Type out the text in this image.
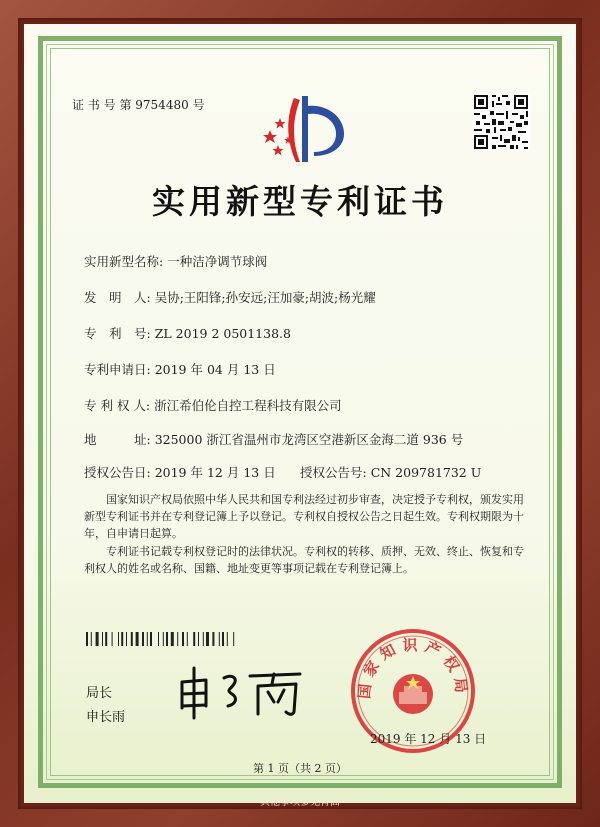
证 书 号 第 9754480 号
实用新型专利证书
实用新型名称: 一种洁净调节球阀
发　明　人: 吴协;王阳锋;孙安远;汪加豪;胡波;杨光耀
专　利　号: ZL 2019 2 0501138.8
专利申请日: 2019 年 04 月 13 日
专 利 权 人: 浙江希伯伦自控工程科技有限公司
地　　　址: 325000 浙江省温州市龙湾区空港新区金海二道 936 号
授权公告日: 2019 年 12 月 13 日 授权公告号: CN 209781732 U
国家知识产权局依照中华人民共和国专利法经过初步审查，决定授予专利权，颁发实用新型专利证书并在专利登记簿上予以登记。专利权自授权公告之日起生效。专利权期限为十年，自申请日起算。
专利证书记载专利权登记时的法律状况。专利权的转移、质押、无效、终止、恢复和专利权人的姓名或名称、国籍、地址变更等事项记载在专利登记簿上。
局长
申长雨
国家知识产权局
2019 年 12 月 13 日
第 1 页（共 2 页）
其他事项参见背面
